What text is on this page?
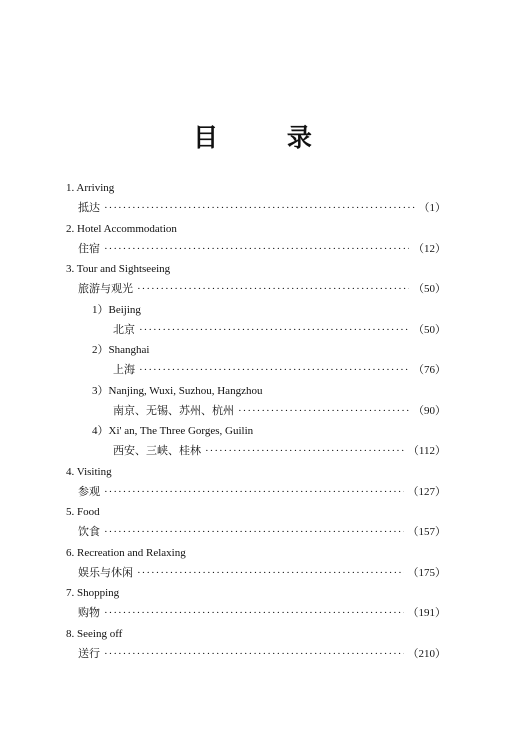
目 录
1. Arriving
抵达 ·····	（1）
2. Hotel Accommodation
住宿 ·····	（12）
3. Tour and Sightseeing
旅游与观光 ·····	（50）
1）Beijing
北京 ·····	（50）
2）Shanghai
上海 ·····	（76）
3）Nanjing, Wuxi, Suzhou, Hangzhou
南京、无锡、苏州、杭州 ·····	（90）
4）Xi' an, The Three Gorges, Guilin
西安、三峡、桂林 ·····	（112）
4. Visiting
参观 ·····	（127）
5. Food
饮食 ·····	（157）
6. Recreation and Relaxing
娱乐与休闲 ·····	（175）
7. Shopping
购物 ·····	（191）
8. Seeing off
送行 ·····	（210）
